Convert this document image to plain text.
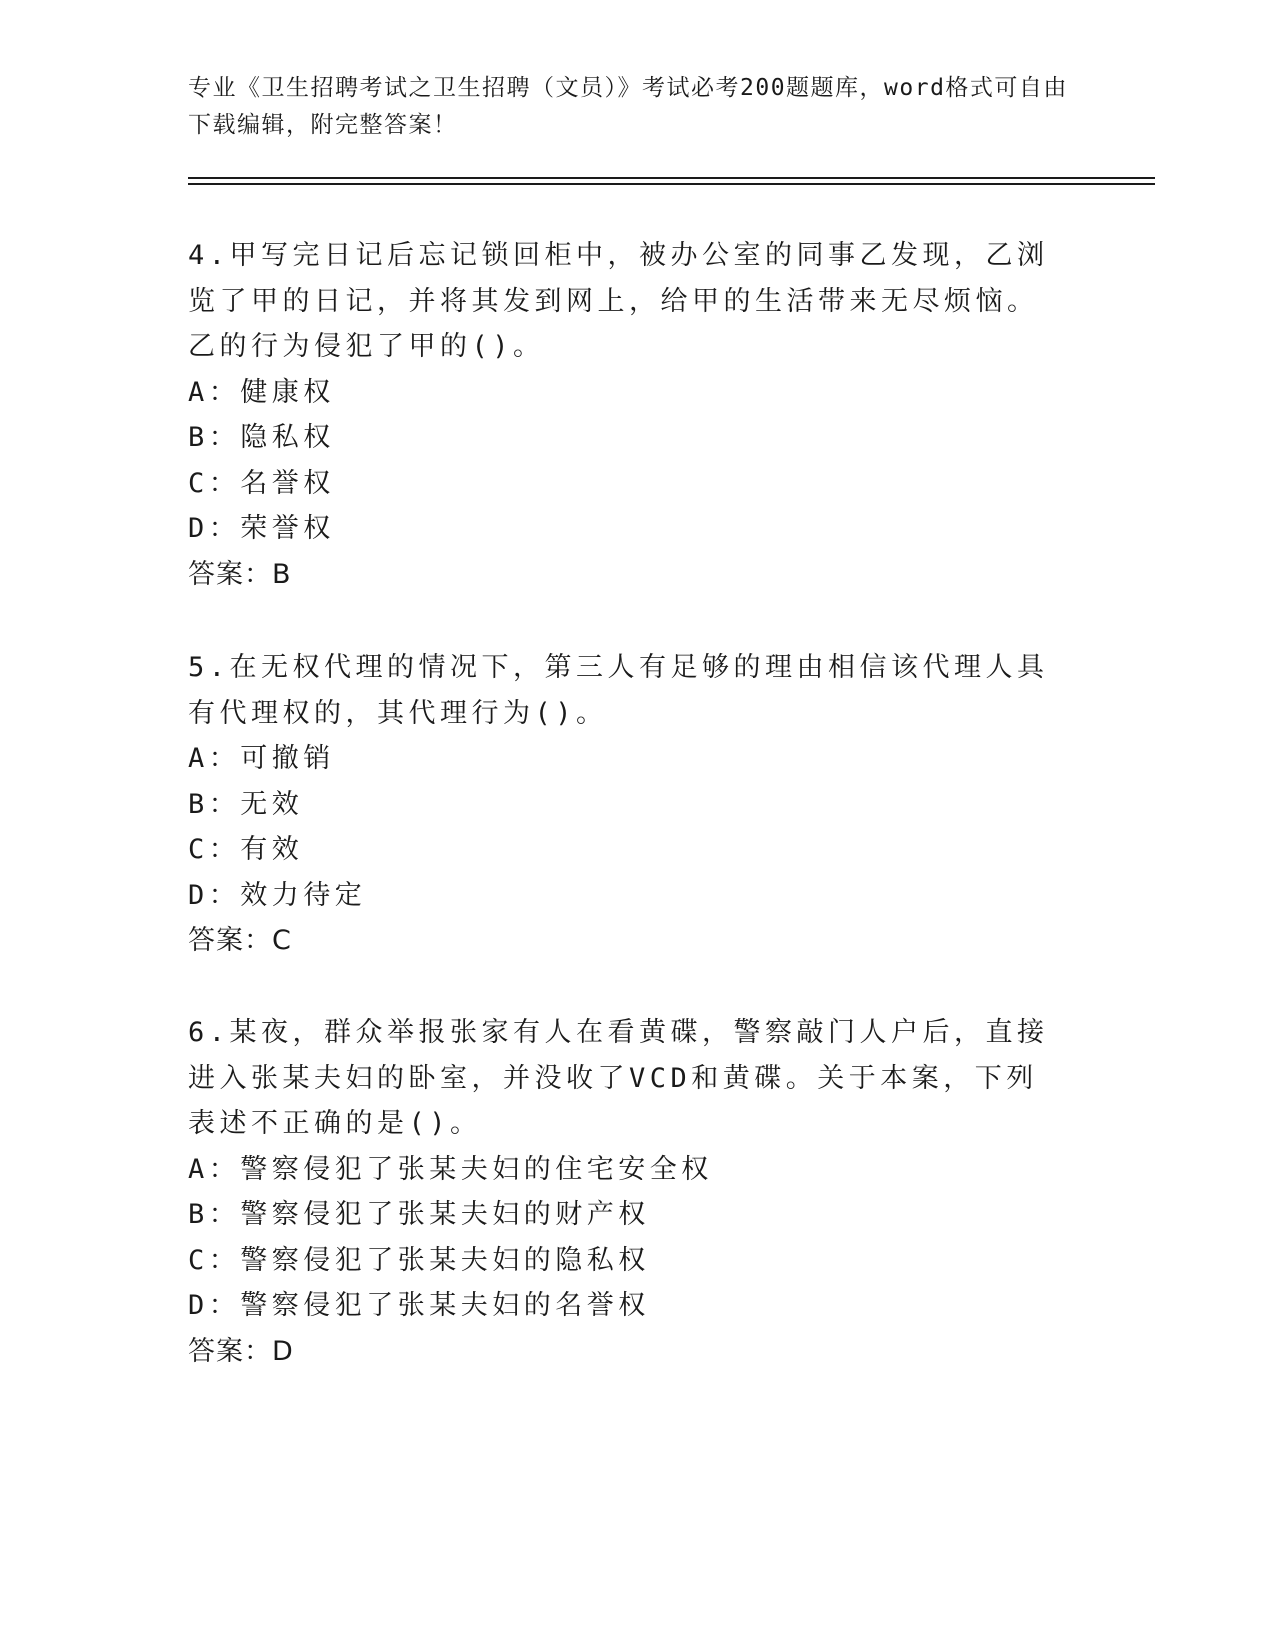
专业《卫生招聘考试之卫生招聘（文员）》考试必考200题题库，word格式可自由下载编辑，附完整答案！

4.甲写完日记后忘记锁回柜中，被办公室的同事乙发现，乙浏览了甲的日记，并将其发到网上，给甲的生活带来无尽烦恼。乙的行为侵犯了甲的()。

A：健康权

B：隐私权

C：名誉权

D：荣誉权

答案：B

5.在无权代理的情况下，第三人有足够的理由相信该代理人具有代理权的，其代理行为()。

A：可撤销

B：无效

C：有效

D：效力待定

答案：C

6.某夜，群众举报张家有人在看黄碟，警察敲门人户后，直接进入张某夫妇的卧室，并没收了VCD和黄碟。关于本案，下列表述不正确的是()。

A：警察侵犯了张某夫妇的住宅安全权

B：警察侵犯了张某夫妇的财产权

C：警察侵犯了张某夫妇的隐私权

D：警察侵犯了张某夫妇的名誉权

答案：D
